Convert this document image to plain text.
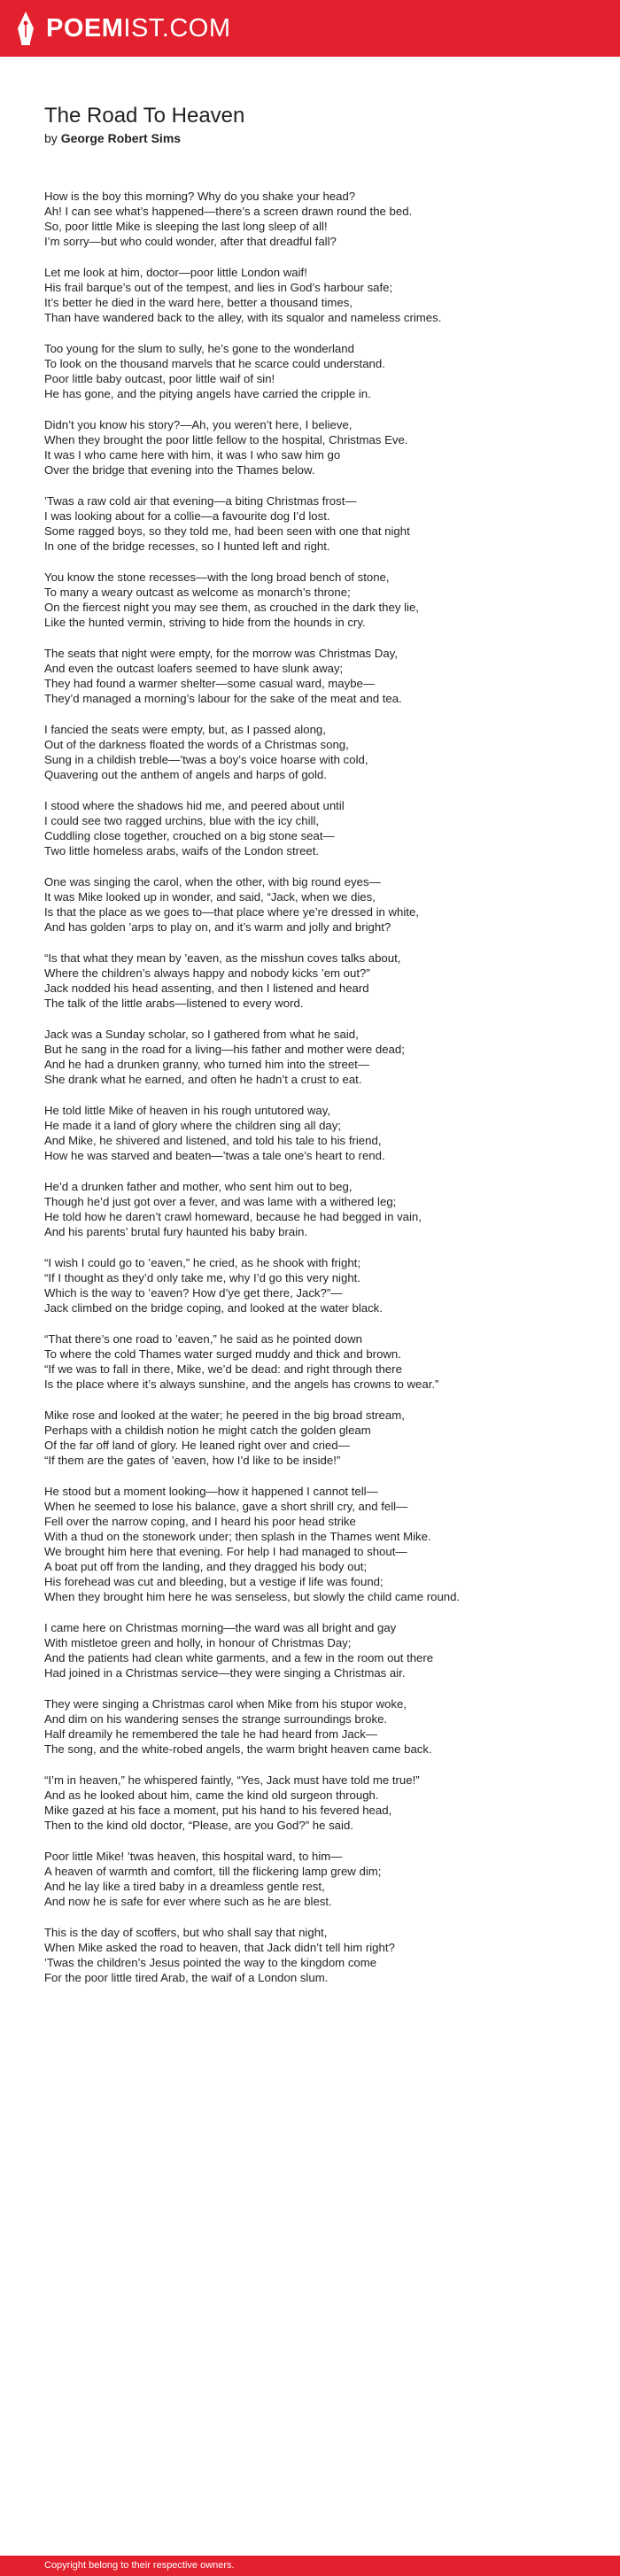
POEMIST.COM
The Road To Heaven
by George Robert Sims

How is the boy this morning? Why do you shake your head?
Ah! I can see what’s happened—there’s a screen drawn round the bed.
So, poor little Mike is sleeping the last long sleep of all!
I’m sorry—but who could wonder, after that dreadful fall?

Let me look at him, doctor—poor little London waif!
His frail barque’s out of the tempest, and lies in God’s harbour safe;
It’s better he died in the ward here, better a thousand times,
Than have wandered back to the alley, with its squalor and nameless crimes.

Too young for the slum to sully, he’s gone to the wonderland
To look on the thousand marvels that he scarce could understand.
Poor little baby outcast, poor little waif of sin!
He has gone, and the pitying angels have carried the cripple in.

Didn’t you know his story?—Ah, you weren’t here, I believe,
When they brought the poor little fellow to the hospital, Christmas Eve.
It was I who came here with him, it was I who saw him go
Over the bridge that evening into the Thames below.

’Twas a raw cold air that evening—a biting Christmas frost—
I was looking about for a collie—a favourite dog I’d lost.
Some ragged boys, so they told me, had been seen with one that night
In one of the bridge recesses, so I hunted left and right.

You know the stone recesses—with the long broad bench of stone,
To many a weary outcast as welcome as monarch’s throne;
On the fiercest night you may see them, as crouched in the dark they lie,
Like the hunted vermin, striving to hide from the hounds in cry.

The seats that night were empty, for the morrow was Christmas Day,
And even the outcast loafers seemed to have slunk away;
They had found a warmer shelter—some casual ward, maybe—
They’d managed a morning’s labour for the sake of the meat and tea.

I fancied the seats were empty, but, as I passed along,
Out of the darkness floated the words of a Christmas song,
Sung in a childish treble—’twas a boy’s voice hoarse with cold,
Quavering out the anthem of angels and harps of gold.

I stood where the shadows hid me, and peered about until
I could see two ragged urchins, blue with the icy chill,
Cuddling close together, crouched on a big stone seat—
Two little homeless arabs, waifs of the London street.

One was singing the carol, when the other, with big round eyes—
It was Mike looked up in wonder, and said, “Jack, when we dies,
Is that the place as we goes to—that place where ye’re dressed in white,
And has golden ’arps to play on, and it’s warm and jolly and bright?

“Is that what they mean by ’eaven, as the misshun coves talks about,
Where the children’s always happy and nobody kicks ’em out?”
Jack nodded his head assenting, and then I listened and heard
The talk of the little arabs—listened to every word.

Jack was a Sunday scholar, so I gathered from what he said,
But he sang in the road for a living—his father and mother were dead;
And he had a drunken granny, who turned him into the street—
She drank what he earned, and often he hadn’t a crust to eat.

He told little Mike of heaven in his rough untutored way,
He made it a land of glory where the children sing all day;
And Mike, he shivered and listened, and told his tale to his friend,
How he was starved and beaten—’twas a tale one’s heart to rend.

He’d a drunken father and mother, who sent him out to beg,
Though he’d just got over a fever, and was lame with a withered leg;
He told how he daren’t crawl homeward, because he had begged in vain,
And his parents’ brutal fury haunted his baby brain.

“I wish I could go to ’eaven,” he cried, as he shook with fright;
“If I thought as they’d only take me, why I’d go this very night.
Which is the way to ’eaven? How d’ye get there, Jack?”—
Jack climbed on the bridge coping, and looked at the water black.

“That there’s one road to ’eaven,” he said as he pointed down
To where the cold Thames water surged muddy and thick and brown.
“If we was to fall in there, Mike, we’d be dead: and right through there
Is the place where it’s always sunshine, and the angels has crowns to wear.”

Mike rose and looked at the water; he peered in the big broad stream,
Perhaps with a childish notion he might catch the golden gleam
Of the far off land of glory. He leaned right over and cried—
“If them are the gates of ’eaven, how I’d like to be inside!”

He stood but a moment looking—how it happened I cannot tell—
When he seemed to lose his balance, gave a short shrill cry, and fell—
Fell over the narrow coping, and I heard his poor head strike
With a thud on the stonework under; then splash in the Thames went Mike.
We brought him here that evening. For help I had managed to shout—
A boat put off from the landing, and they dragged his body out;
His forehead was cut and bleeding, but a vestige if life was found;
When they brought him here he was senseless, but slowly the child came round.

I came here on Christmas morning—the ward was all bright and gay
With mistletoe green and holly, in honour of Christmas Day;
And the patients had clean white garments, and a few in the room out there
Had joined in a Christmas service—they were singing a Christmas air.

They were singing a Christmas carol when Mike from his stupor woke,
And dim on his wandering senses the strange surroundings broke.
Half dreamily he remembered the tale he had heard from Jack—
The song, and the white-robed angels, the warm bright heaven came back.

“I’m in heaven,” he whispered faintly, “Yes, Jack must have told me true!”
And as he looked about him, came the kind old surgeon through.
Mike gazed at his face a moment, put his hand to his fevered head,
Then to the kind old doctor, “Please, are you God?” he said.

Poor little Mike! ’twas heaven, this hospital ward, to him—
A heaven of warmth and comfort, till the flickering lamp grew dim;
And he lay like a tired baby in a dreamless gentle rest,
And now he is safe for ever where such as he are blest.

This is the day of scoffers, but who shall say that night,
When Mike asked the road to heaven, that Jack didn’t tell him right?
’Twas the children’s Jesus pointed the way to the kingdom come
For the poor little tired Arab, the waif of a London slum.

Copyright belong to their respective owners.
